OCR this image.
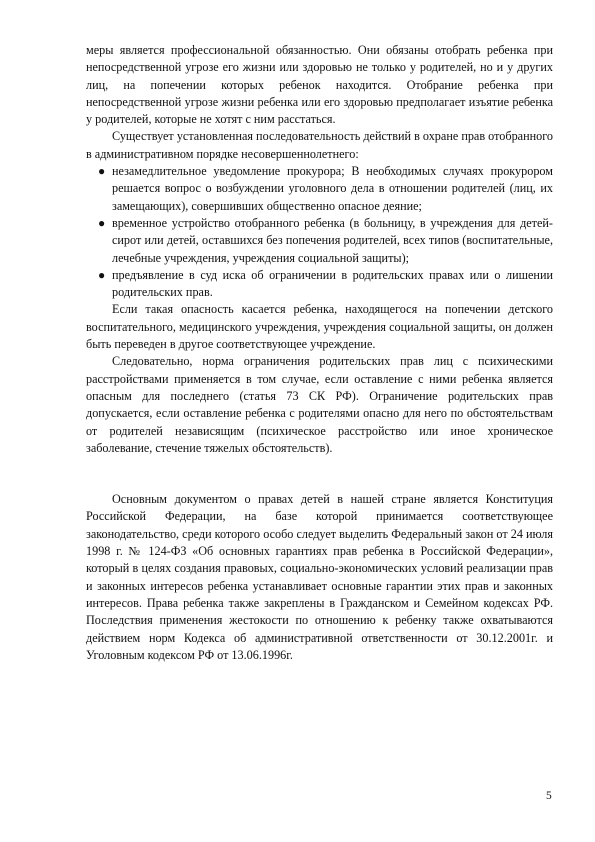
меры является профессиональной обязанностью. Они обязаны отобрать ребенка при непосредственной угрозе его жизни или здоровью не только у родителей, но и у других лиц, на попечении которых ребенок находится. Отобрание ребенка при непосредственной угрозе жизни ребенка или его здоровью предполагает изъятие ребенка у родителей, которые не хотят с ним расстаться.

Существует установленная последовательность действий в охране прав отобранного в административном порядке несовершеннолетнего:

● незамедлительное уведомление прокурора; В необходимых случаях прокурором решается вопрос о возбуждении уголовного дела в отношении родителей (лиц, их замещающих), совершивших общественно опасное деяние;
● временное устройство отобранного ребенка (в больницу, в учреждения для детей-сирот или детей, оставшихся без попечения родителей, всех типов (воспитательные, лечебные учреждения, учреждения социальной защиты);
● предъявление в суд иска об ограничении в родительских правах или о лишении родительских прав.

Если такая опасность касается ребенка, находящегося на попечении детского воспитательного, медицинского учреждения, учреждения социальной защиты, он должен быть переведен в другое соответствующее учреждение.

Следовательно, норма ограничения родительских прав лиц с психическими расстройствами применяется в том случае, если оставление с ними ребенка является опасным для последнего (статья 73 СК РФ). Ограничение родительских прав допускается, если оставление ребенка с родителями опасно для него по обстоятельствам от родителей независящим (психическое расстройство или иное хроническое заболевание, стечение тяжелых обстоятельств).

Основным документом о правах детей в нашей стране является Конституция Российской Федерации, на базе которой принимается соответствующее законодательство, среди которого особо следует выделить Федеральный закон от 24 июля 1998 г. № 124-ФЗ «Об основных гарантиях прав ребенка в Российской Федерации», который в целях создания правовых, социально-экономических условий реализации прав и законных интересов ребенка устанавливает основные гарантии этих прав и законных интересов. Права ребенка также закреплены в Гражданском и Семейном кодексах РФ. Последствия применения жестокости по отношению к ребенку также охватываются действием норм Кодекса об административной ответственности от 30.12.2001г. и Уголовным кодексом РФ от 13.06.1996г.

5
